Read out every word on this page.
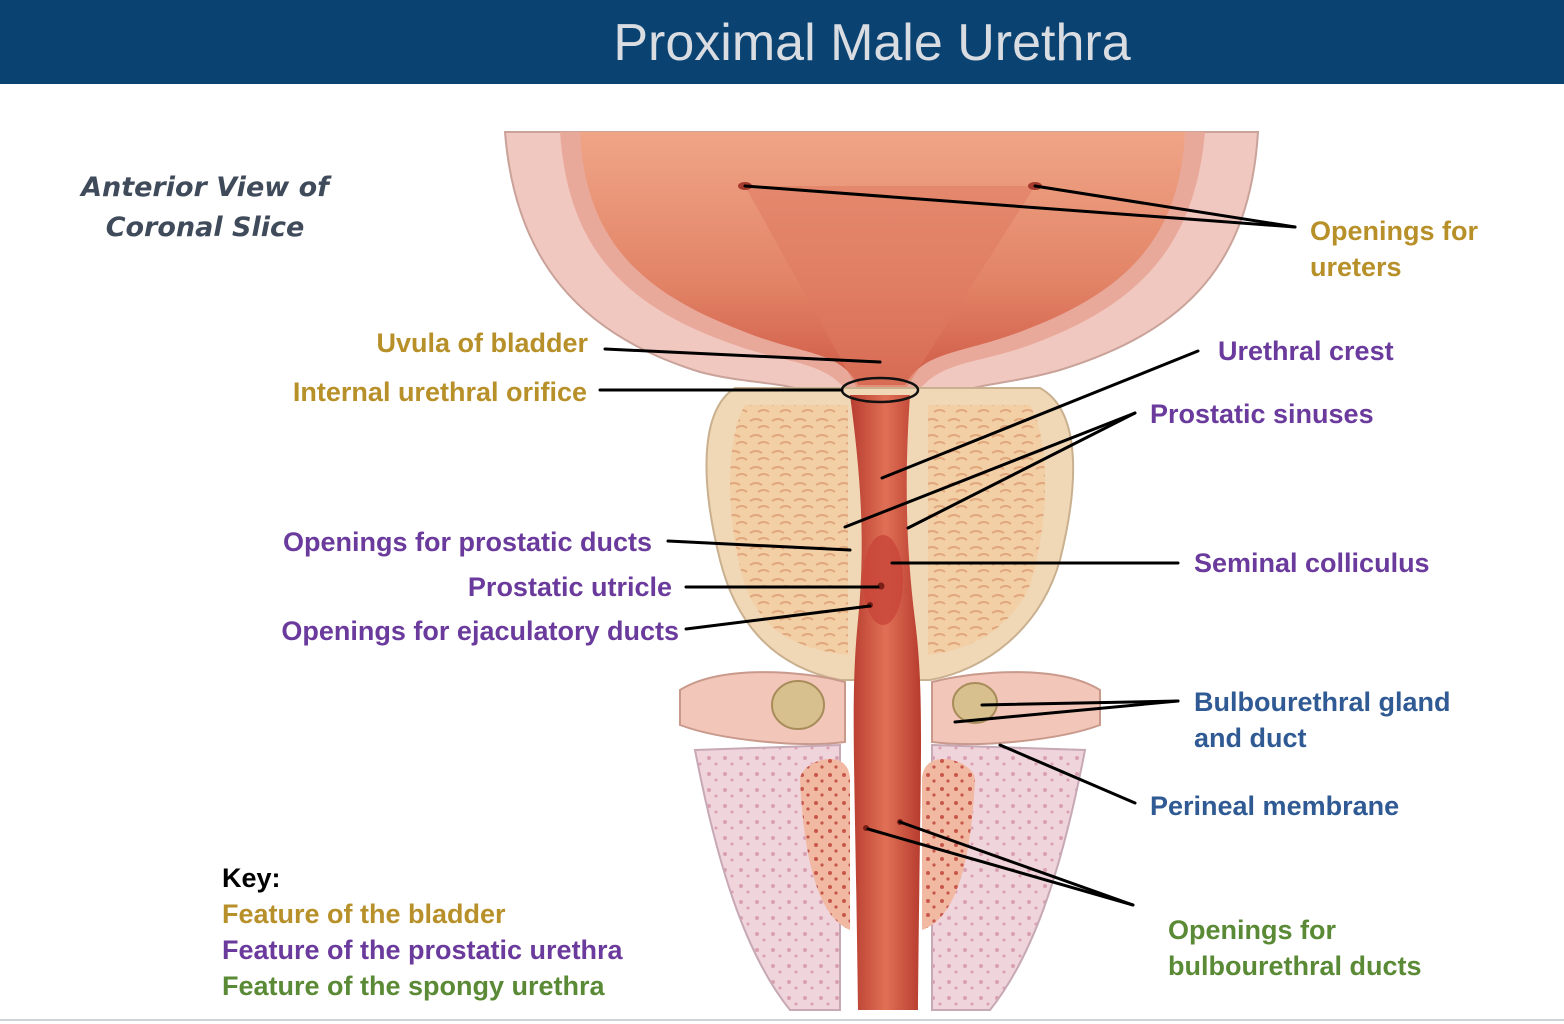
Proximal Male Urethra
Anterior View of
Coronal Slice	Openings for
ureters
Uvula of bladder
Internal urethral orifice
Urethral crest
Prostatic sinuses
Openings for prostatic ducts
Prostatic utricle
Openings for ejaculatory ducts
Seminal colliculus
Bulbourethral gland
and duct
Perineal membrane
Openings for
bulbourethral ducts
Key:
Feature of the bladder
Feature of the prostatic urethra
Feature of the spongy urethra
